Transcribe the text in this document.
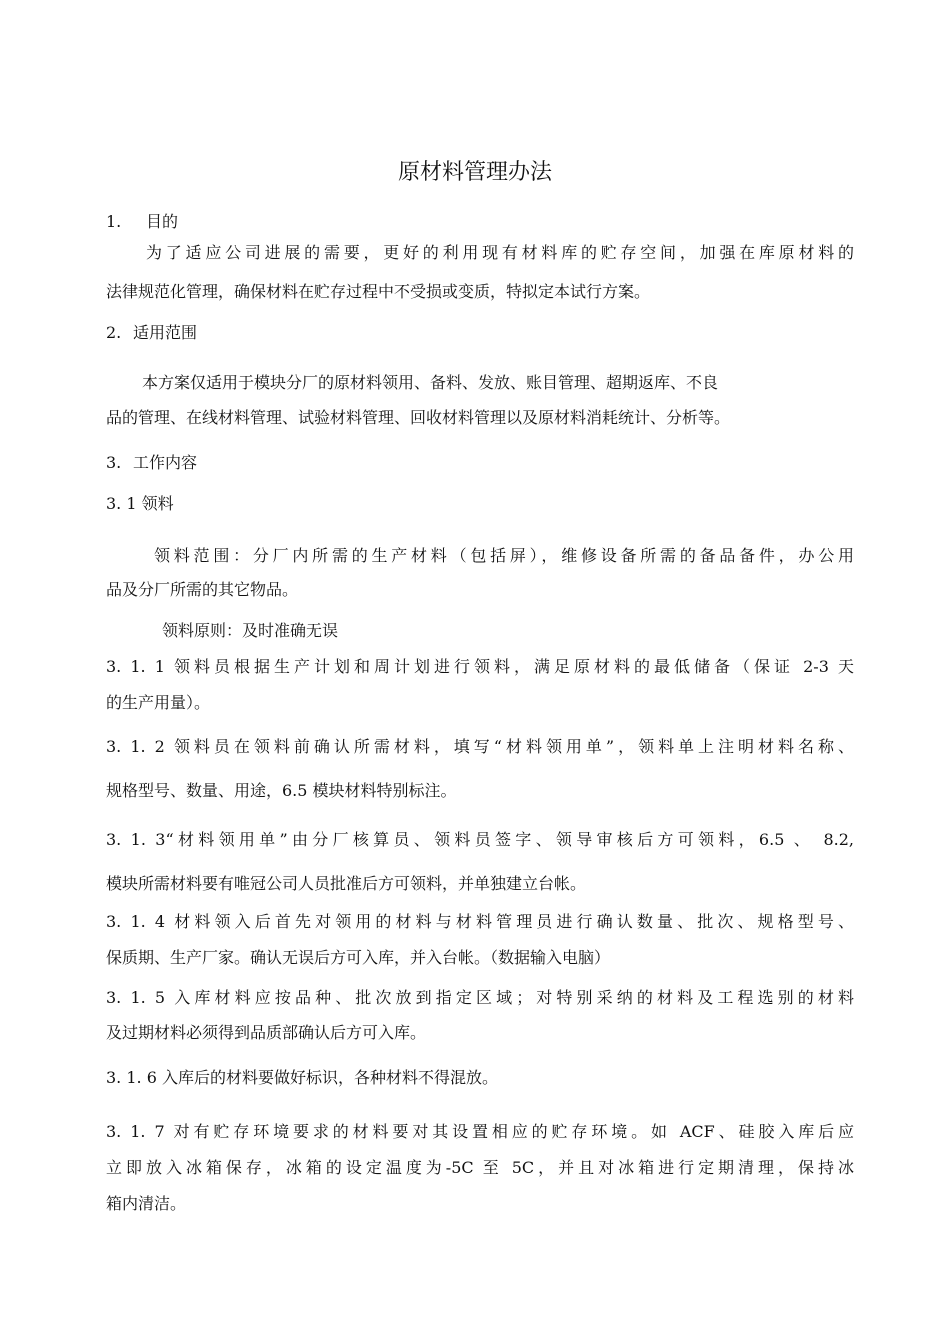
原材料管理办法

1. 目的

为了适应公司进展的需要，更好的利用现有材料库的贮存空间，加强在库原材料的

法律规范化管理，确保材料在贮存过程中不受损或变质，特拟定本试行方案。

2. 适用范围

本方案仅适用于模块分厂的原材料领用、备料、发放、账目管理、超期返库、不良

品的管理、在线材料管理、试验材料管理、回收材料管理以及原材料消耗统计、分析等。

3. 工作内容

3. 1 领料

领料范围：分厂内所需的生产材料（包括屏），维修设备所需的备品备件，办公用

品及分厂所需的其它物品。

领料原则：及时准确无误

3. 1. 1 领料员根据生产计划和周计划进行领料，满足原材料的最低储备（保证 2-3 天

的生产用量）。

3. 1. 2 领料员在领料前确认所需材料，填写“材料领用单”，领料单上注明材料名称、

规格型号、数量、用途，6.5 模块材料特别标注。

3. 1. 3“材料领用单”由分厂核算员、领料员签字、领导审核后方可领料，6.5 、 8.2,

模块所需材料要有唯冠公司人员批准后方可领料，并单独建立台帐。

3. 1. 4 材料领入后首先对领用的材料与材料管理员进行确认数量、批次、规格型号、

保质期、生产厂家。确认无误后方可入库，并入台帐。（数据输入电脑）

3. 1. 5 入库材料应按品种、批次放到指定区域；对特别采纳的材料及工程选别的材料

及过期材料必须得到品质部确认后方可入库。

3. 1. 6 入库后的材料要做好标识，各种材料不得混放。

3. 1. 7 对有贮存环境要求的材料要对其设置相应的贮存环境。如 ACF、硅胶入库后应

立即放入冰箱保存，冰箱的设定温度为-5C 至 5C，并且对冰箱进行定期清理，保持冰

箱内清洁。
